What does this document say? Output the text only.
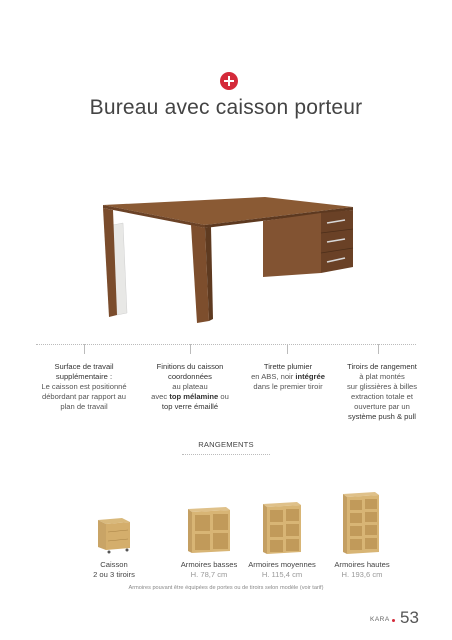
Bureau avec caisson porteur
Surface de travail supplémentaire :
Le caisson est positionné débordant par rapport au plan de travail
Finitions du caisson
coordonnées
au plateau
avec top mélamine ou
top verre émaillé
Tirette plumier
en ABS, noir intégrée
dans le premier tiroir
Tiroirs de rangement
à plat montés
sur glissières à billes
extraction totale et
ouverture par un
système push & pull
RANGEMENTS
Caisson
2 ou 3 tiroirs
Armoires basses
H. 78,7 cm
Armoires moyennes
H. 115,4 cm
Armoires hautes
H. 193,6 cm
Armoires pouvant être équipées de portes ou de tiroirs selon modèle (voir tarif)
KARA 53
